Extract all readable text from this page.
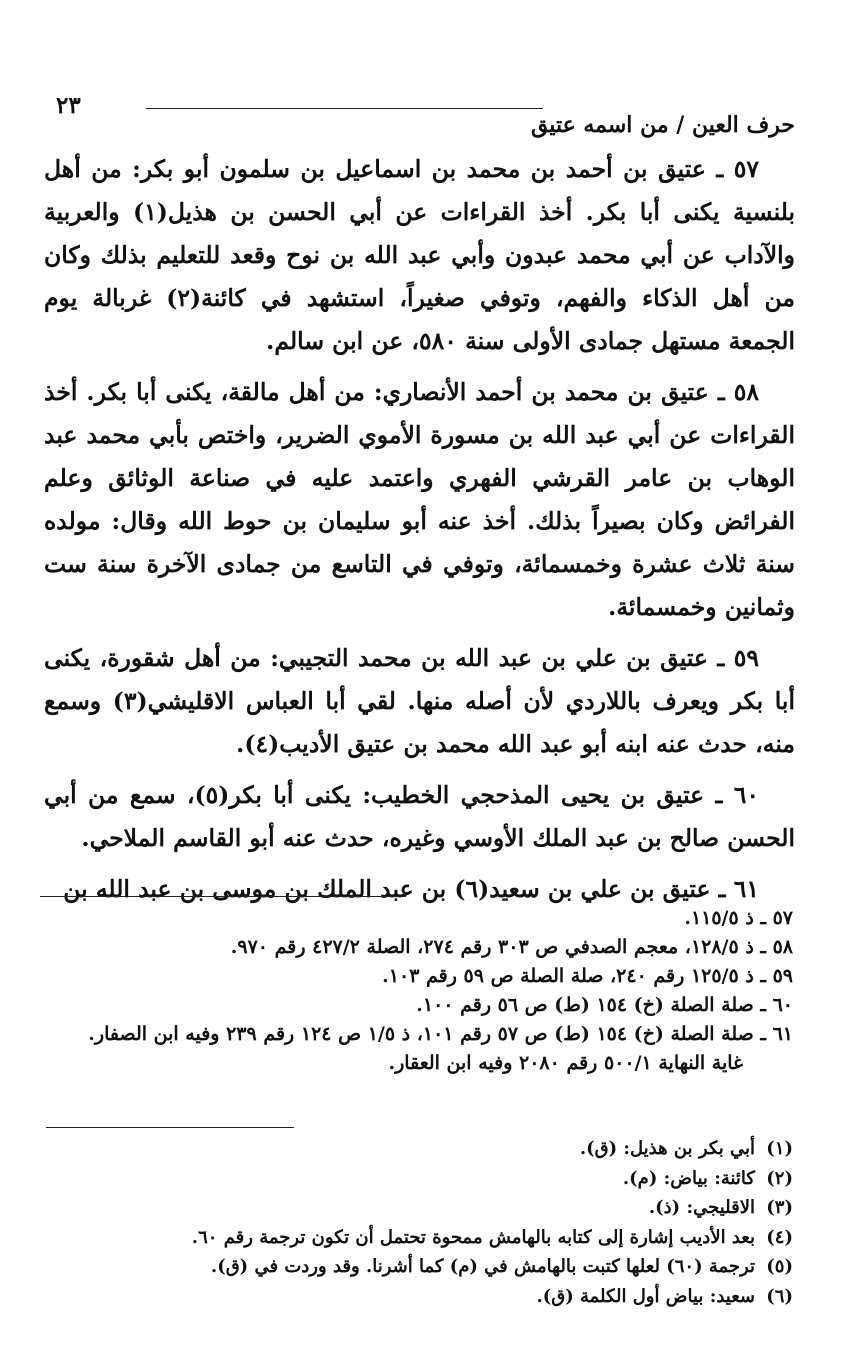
٢٣
حرف العين / من اسمه عتيق

٥٧ ـ عتيق بن أحمد بن محمد بن اسماعيل بن سلمون أبو بكر: من أهل بلنسية يكنى أبا بكر. أخذ القراءات عن أبي الحسن بن هذيل(١) والعربية والآداب عن أبي محمد عبدون وأبي عبد الله بن نوح وقعد للتعليم بذلك وكان من أهل الذكاء والفهم، وتوفي صغيراً، استشهد في كائنة(٢) غربالة يوم الجمعة مستهل جمادى الأولى سنة ٥٨٠، عن ابن سالم.

٥٨ ـ عتيق بن محمد بن أحمد الأنصاري: من أهل مالقة، يكنى أبا بكر. أخذ القراءات عن أبي عبد الله بن مسورة الأموي الضرير، واختص بأبي محمد عبد الوهاب بن عامر القرشي الفهري واعتمد عليه في صناعة الوثائق وعلم الفرائض وكان بصيراً بذلك. أخذ عنه أبو سليمان بن حوط الله وقال: مولده سنة ثلاث عشرة وخمسمائة، وتوفي في التاسع من جمادى الآخرة سنة ست وثمانين وخمسمائة.

٥٩ ـ عتيق بن علي بن عبد الله بن محمد التجيبي: من أهل شقورة، يكنى أبا بكر ويعرف باللاردي لأن أصله منها. لقي أبا العباس الاقليشي(٣) وسمع منه، حدث عنه ابنه أبو عبد الله محمد بن عتيق الأديب(٤).

٦٠ ـ عتيق بن يحيى المذحجي الخطيب: يكنى أبا بكر(٥)، سمع من أبي الحسن صالح بن عبد الملك الأوسي وغيره، حدث عنه أبو القاسم الملاحي.

٦١ ـ عتيق بن علي بن سعيد(٦) بن عبد الملك بن موسى بن عبد الله بن

٥٧ ـ ذ ١١٥/٥.

٥٨ ـ ذ ١٢٨/٥، معجم الصدفي ص ٣٠٣ رقم ٢٧٤، الصلة ٤٢٧/٢ رقم ٩٧٠.

٥٩ ـ ذ ١٢٥/٥ رقم ٢٤٠، صلة الصلة ص ٥٩ رقم ١٠٣.

٦٠ ـ صلة الصلة (خ) ١٥٤ (ط) ص ٥٦ رقم ١٠٠.

٦١ ـ صلة الصلة (خ) ١٥٤ (ط) ص ٥٧ رقم ١٠١، ذ ١/٥ ص ١٢٤ رقم ٢٣٩ وفيه ابن الصفار.

غاية النهاية ٥٠٠/١ رقم ٢٠٨٠ وفيه ابن العقار.

(١)
أبي بكر بن هذيل: (ق).
(٢)
كائنة: بياض: (م).
(٣)
الاقليجي: (ذ).
(٤)
بعد الأديب إشارة إلى كتابه بالهامش ممحوة تحتمل أن تكون ترجمة رقم ٦٠.
(٥)
ترجمة (٦٠) لعلها كتبت بالهامش في (م) كما أشرنا. وقد وردت في (ق).
(٦)
سعيد: بياض أول الكلمة (ق).
